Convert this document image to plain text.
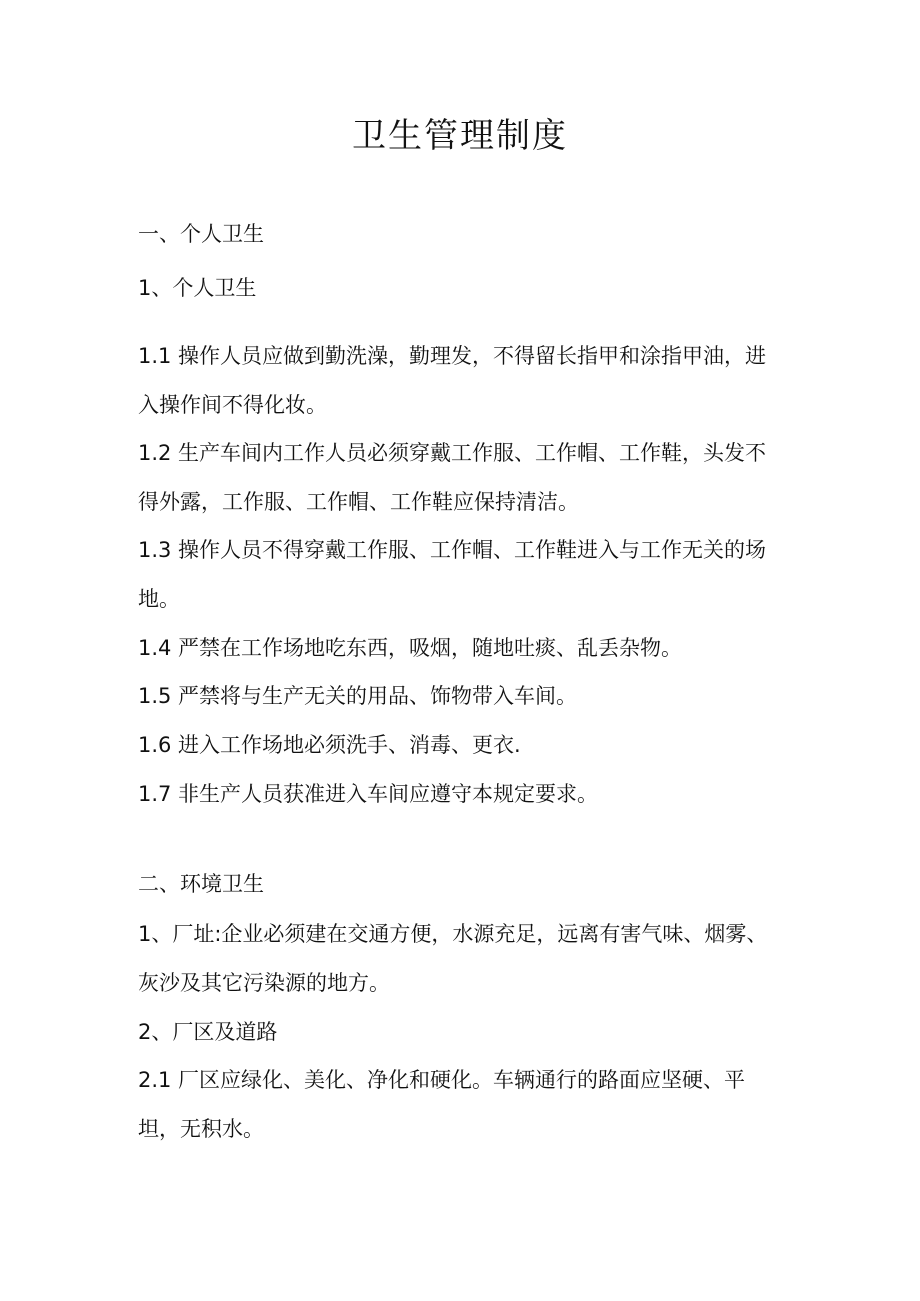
卫生管理制度
一、个人卫生
1、个人卫生
1.1 操作人员应做到勤洗澡，勤理发，不得留长指甲和涂指甲油，进入操作间不得化妆。
1.2 生产车间内工作人员必须穿戴工作服、工作帽、工作鞋，头发不得外露，工作服、工作帽、工作鞋应保持清洁。
1.3 操作人员不得穿戴工作服、工作帽、工作鞋进入与工作无关的场地。
1.4 严禁在工作场地吃东西，吸烟，随地吐痰、乱丢杂物。
1.5 严禁将与生产无关的用品、饰物带入车间。
1.6 进入工作场地必须洗手、消毒、更衣.
1.7 非生产人员获准进入车间应遵守本规定要求。
二、环境卫生
1、厂址:企业必须建在交通方便，水源充足，远离有害气味、烟雾、灰沙及其它污染源的地方。
2、厂区及道路
2.1 厂区应绿化、美化、净化和硬化。车辆通行的路面应坚硬、平坦，无积水。
